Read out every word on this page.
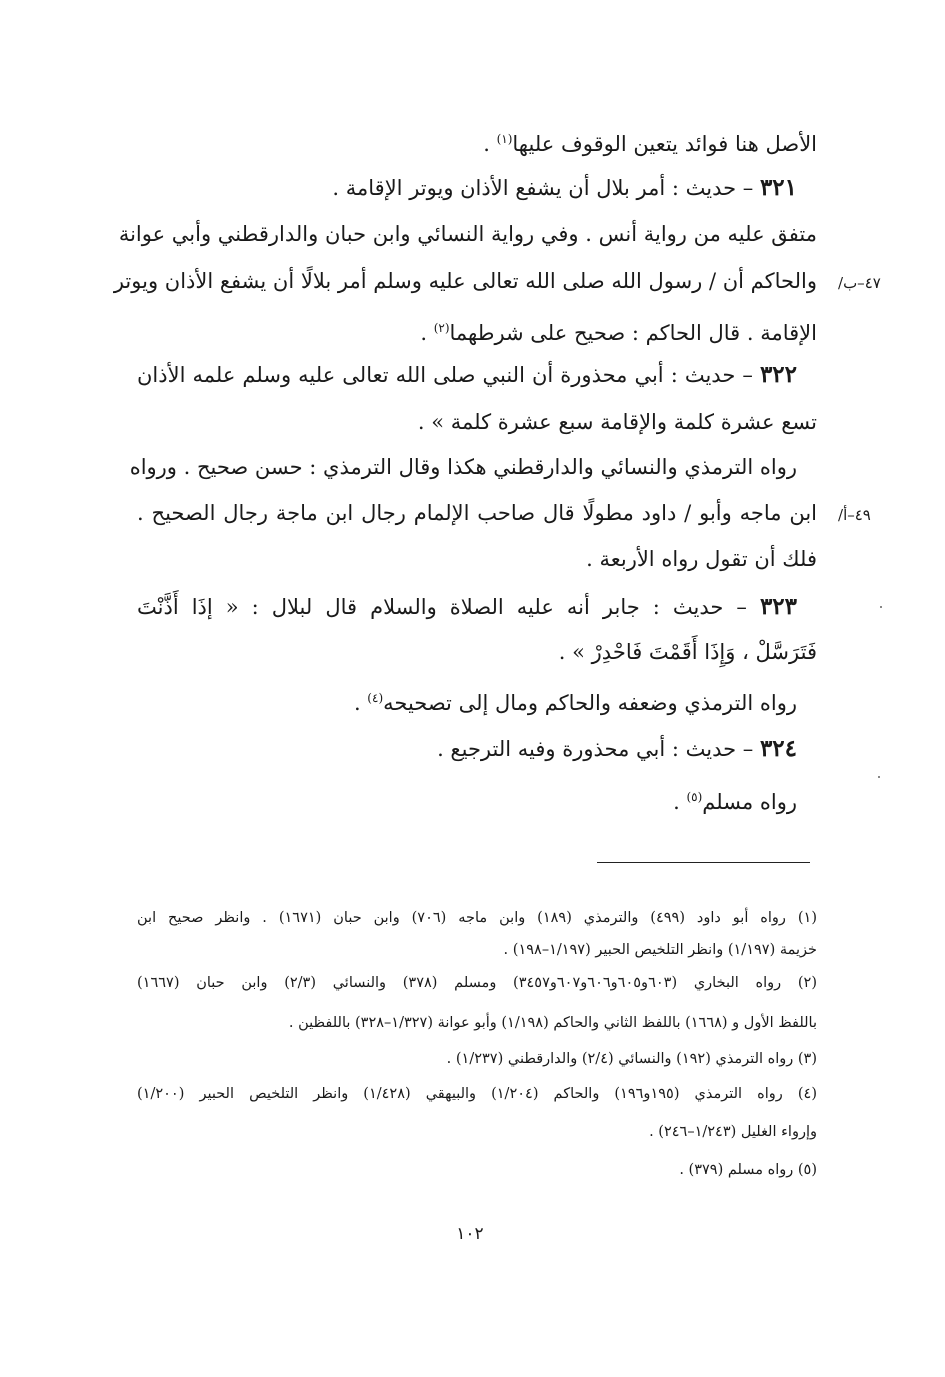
الأصل هنا فوائد يتعين الوقوف عليها$^{(١)}$ .
٣٢١ – حديث : أمر بلال أن يشفع الأذان ويوتر الإقامة .
متفق عليه من رواية أنس . وفي رواية النسائي وابن حبان والدارقطني وأبي عوانة
والحاكم أن / رسول الله صلى الله تعالى عليه وسلم أمر بلالًا أن يشفع الأذان ويوتر
الإقامة . قال الحاكم : صحيح على شرطهما$^{(٢)}$ .
٣٢٢ – حديث : أبي محذورة أن النبي صلى الله تعالى عليه وسلم علمه الأذان
تسع عشرة كلمة والإقامة سبع عشرة كلمة » .
رواه الترمذي والنسائي والدارقطني هكذا وقال الترمذي : حسن صحيح . ورواه
ابن ماجه وأبو / داود مطولًا قال صاحب الإلمام رجال ابن ماجة رجال الصحيح .
فلك أن تقول رواه الأربعة .
٣٢٣ – حديث : جابر أنه عليه الصلاة والسلام قال لبلال : « إذَا أَذَّنْتَ
فَتَرَسَّلْ ، وَإِذَا أَقَمْتَ فَاحْدِرْ » .
رواه الترمذي وضعفه والحاكم ومال إلى تصحيحه$^{(٤)}$ .
٣٢٤ – حديث : أبي محذورة وفيه الترجيع .
رواه مسلم$^{(٥)}$ .
/٤٧–ب
/٤٩–أ
(١) رواه أبو داود (٤٩٩) والترمذي (١٨٩) وابن ماجه (٧٠٦) وابن حبان (١٦٧١) . وانظر صحيح ابن
خزيمة (١/١٩٧) وانظر التلخيص الحبير (١/١٩٧–١٩٨) .
(٢) رواه البخاري (٦٠٣و٦٠٥و٦٠٦و٦٠٧و٣٤٥٧) ومسلم (٣٧٨) والنسائي (٢/٣) وابن حبان (١٦٦٧)
باللفظ الأول و (١٦٦٨) باللفظ الثاني والحاكم (١/١٩٨) وأبو عوانة (١/٣٢٧–٣٢٨) باللفظين .
(٣) رواه الترمذي (١٩٢) والنسائي (٢/٤) والدارقطني (١/٢٣٧) .
(٤) رواه الترمذي (١٩٥و١٩٦) والحاكم (١/٢٠٤) والبيهقي (١/٤٢٨) وانظر التلخيص الحبير (١/٢٠٠)
وإرواء الغليل (١/٢٤٣–٢٤٦) .
(٥) رواه مسلم (٣٧٩) .
١٠٢
